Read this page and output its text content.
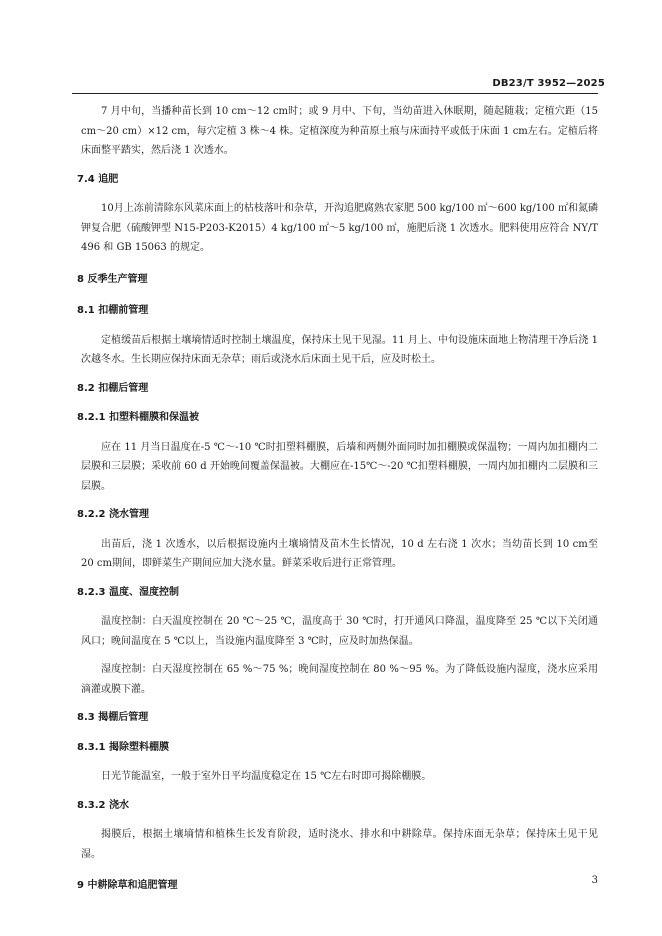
DB23/T 3952—2025

7 月中旬，当播种苗长到 10 cm～12 cm时；或 9 月中、下旬，当幼苗进入休眠期，随起随栽；定植穴距（15 cm～20 cm）×12 cm，每穴定植 3 株～4 株。定植深度为种苗原土痕与床面持平或低于床面 1 cm左右。定植后将床面整平踏实，然后浇 1 次透水。

7.4 追肥

10月上冻前清除东风菜床面上的枯枝落叶和杂草，开沟追肥腐熟农家肥 500 kg/100 ㎡～600 kg/100 ㎡和氮磷钾复合肥（硫酸钾型 N15-P203-K2015）4 kg/100 ㎡～5 kg/100 ㎡，施肥后浇 1 次透水。肥料使用应符合 NY/T 496 和 GB 15063 的规定。

8 反季生产管理
8.1 扣棚前管理

定植缓苗后根据土壤墒情适时控制土壤温度，保持床土见干见湿。11 月上、中旬设施床面地上物清理干净后浇 1 次越冬水。生长期应保持床面无杂草；雨后或浇水后床面土见干后，应及时松土。

8.2 扣棚后管理
8.2.1 扣塑料棚膜和保温被

应在 11 月当日温度在-5 ℃～-10 ℃时扣塑料棚膜，后墙和两侧外面同时加扣棚膜或保温物；一周内加扣棚内二层膜和三层膜；采收前 60 d 开始晚间覆盖保温被。大棚应在-15℃～-20 ℃扣塑料棚膜，一周内加扣棚内二层膜和三层膜。

8.2.2 浇水管理

出苗后，浇 1 次透水，以后根据设施内土壤墒情及苗木生长情况，10 d 左右浇 1 次水；当幼苗长到 10 cm至 20 cm期间，即鲜菜生产期间应加大浇水量。鲜菜采收后进行正常管理。

8.2.3 温度、湿度控制

温度控制：白天温度控制在 20 ℃～25 ℃，温度高于 30 ℃时，打开通风口降温，温度降至 25 ℃以下关闭通风口；晚间温度在 5 ℃以上，当设施内温度降至 3 ℃时，应及时加热保温。

湿度控制：白天湿度控制在 65 %～75 %；晚间湿度控制在 80 %～95 %。为了降低设施内湿度，浇水应采用滴灌或膜下灌。

8.3 揭棚后管理
8.3.1 揭除塑料棚膜

日光节能温室，一般于室外日平均温度稳定在 15 ℃左右时即可揭除棚膜。

8.3.2 浇水

揭膜后，根据土壤墒情和植株生长发育阶段，适时浇水、排水和中耕除草。保持床面无杂草；保持床土见干见湿。

9 中耕除草和追肥管理	3
